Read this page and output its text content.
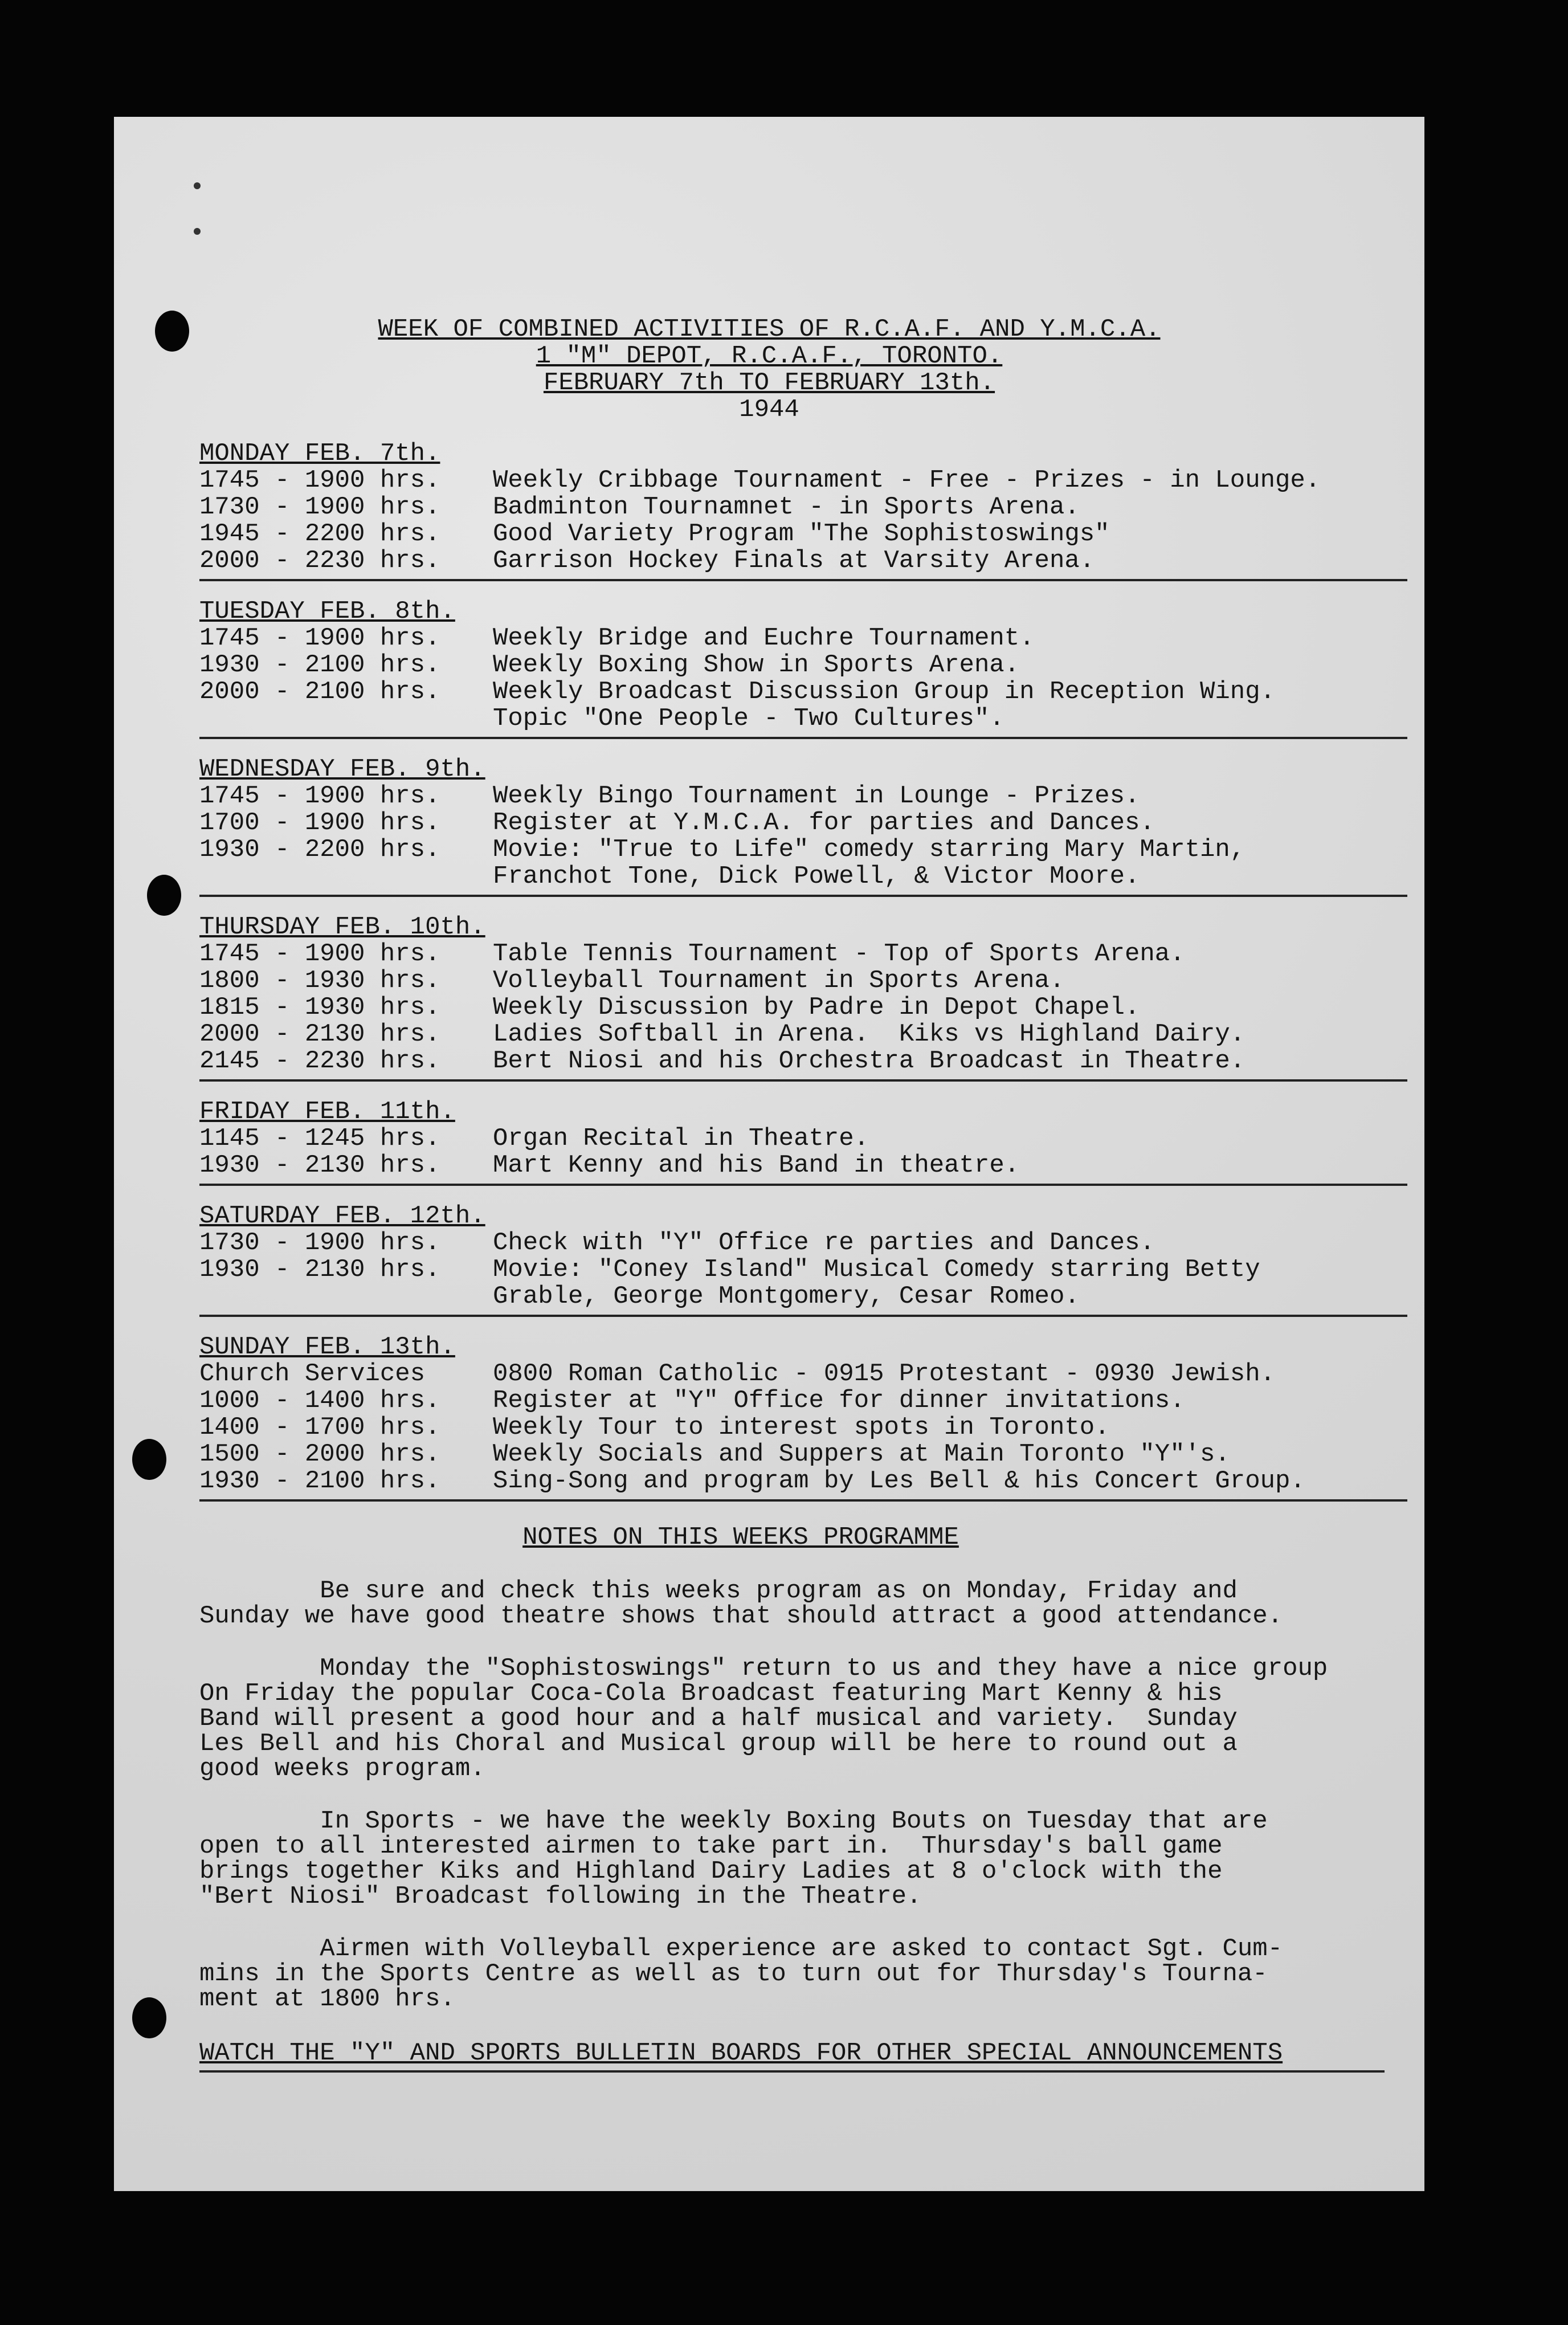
WEEK OF COMBINED ACTIVITIES OF R.C.A.F. AND Y.M.C.A.
1 "M" DEPOT, R.C.A.F., TORONTO.
FEBRUARY 7th TO FEBRUARY 13th.
1944
MONDAY FEB. 7th.
1745 - 1900 hrs.	Weekly Cribbage Tournament - Free - Prizes - in Lounge.
1730 - 1900 hrs.	Badminton Tournamnet - in Sports Arena.
1945 - 2200 hrs.	Good Variety Program "The Sophistoswings"
2000 - 2230 hrs.	Garrison Hockey Finals at Varsity Arena.
TUESDAY FEB. 8th.
1745 - 1900 hrs.	Weekly Bridge and Euchre Tournament.
1930 - 2100 hrs.	Weekly Boxing Show in Sports Arena.
2000 - 2100 hrs.	Weekly Broadcast Discussion Group in Reception Wing.
Topic "One People - Two Cultures".
WEDNESDAY FEB. 9th.
1745 - 1900 hrs.	Weekly Bingo Tournament in Lounge - Prizes.
1700 - 1900 hrs.	Register at Y.M.C.A. for parties and Dances.
1930 - 2200 hrs.	Movie: "True to Life" comedy starring Mary Martin,
Franchot Tone, Dick Powell, & Victor Moore.
THURSDAY FEB. 10th.
1745 - 1900 hrs.	Table Tennis Tournament - Top of Sports Arena.
1800 - 1930 hrs.	Volleyball Tournament in Sports Arena.
1815 - 1930 hrs.	Weekly Discussion by Padre in Depot Chapel.
2000 - 2130 hrs.	Ladies Softball in Arena.  Kiks vs Highland Dairy.
2145 - 2230 hrs.	Bert Niosi and his Orchestra Broadcast in Theatre.
FRIDAY FEB. 11th.
1145 - 1245 hrs.	Organ Recital in Theatre.
1930 - 2130 hrs.	Mart Kenny and his Band in theatre.
SATURDAY FEB. 12th.
1730 - 1900 hrs.	Check with "Y" Office re parties and Dances.
1930 - 2130 hrs.	Movie: "Coney Island" Musical Comedy starring Betty
Grable, George Montgomery, Cesar Romeo.
SUNDAY FEB. 13th.
Church Services	0800 Roman Catholic - 0915 Protestant - 0930 Jewish.
1000 - 1400 hrs.	Register at "Y" Office for dinner invitations.
1400 - 1700 hrs.	Weekly Tour to interest spots in Toronto.
1500 - 2000 hrs.	Weekly Socials and Suppers at Main Toronto "Y"'s.
1930 - 2100 hrs.	Sing-Song and program by Les Bell & his Concert Group.
NOTES ON THIS WEEKS PROGRAMME
Be sure and check this weeks program as on Monday, Friday and
Sunday we have good theatre shows that should attract a good attendance.
Monday the "Sophistoswings" return to us and they have a nice group
On Friday the popular Coca-Cola Broadcast featuring Mart Kenny & his
Band will present a good hour and a half musical and variety.  Sunday
Les Bell and his Choral and Musical group will be here to round out a
good weeks program.
In Sports - we have the weekly Boxing Bouts on Tuesday that are
open to all interested airmen to take part in.  Thursday's ball game
brings together Kiks and Highland Dairy Ladies at 8 o'clock with the
"Bert Niosi" Broadcast following in the Theatre.
Airmen with Volleyball experience are asked to contact Sgt. Cum-
mins in the Sports Centre as well as to turn out for Thursday's Tourna-
ment at 1800 hrs.
WATCH THE "Y" AND SPORTS BULLETIN BOARDS FOR OTHER SPECIAL ANNOUNCEMENTS
